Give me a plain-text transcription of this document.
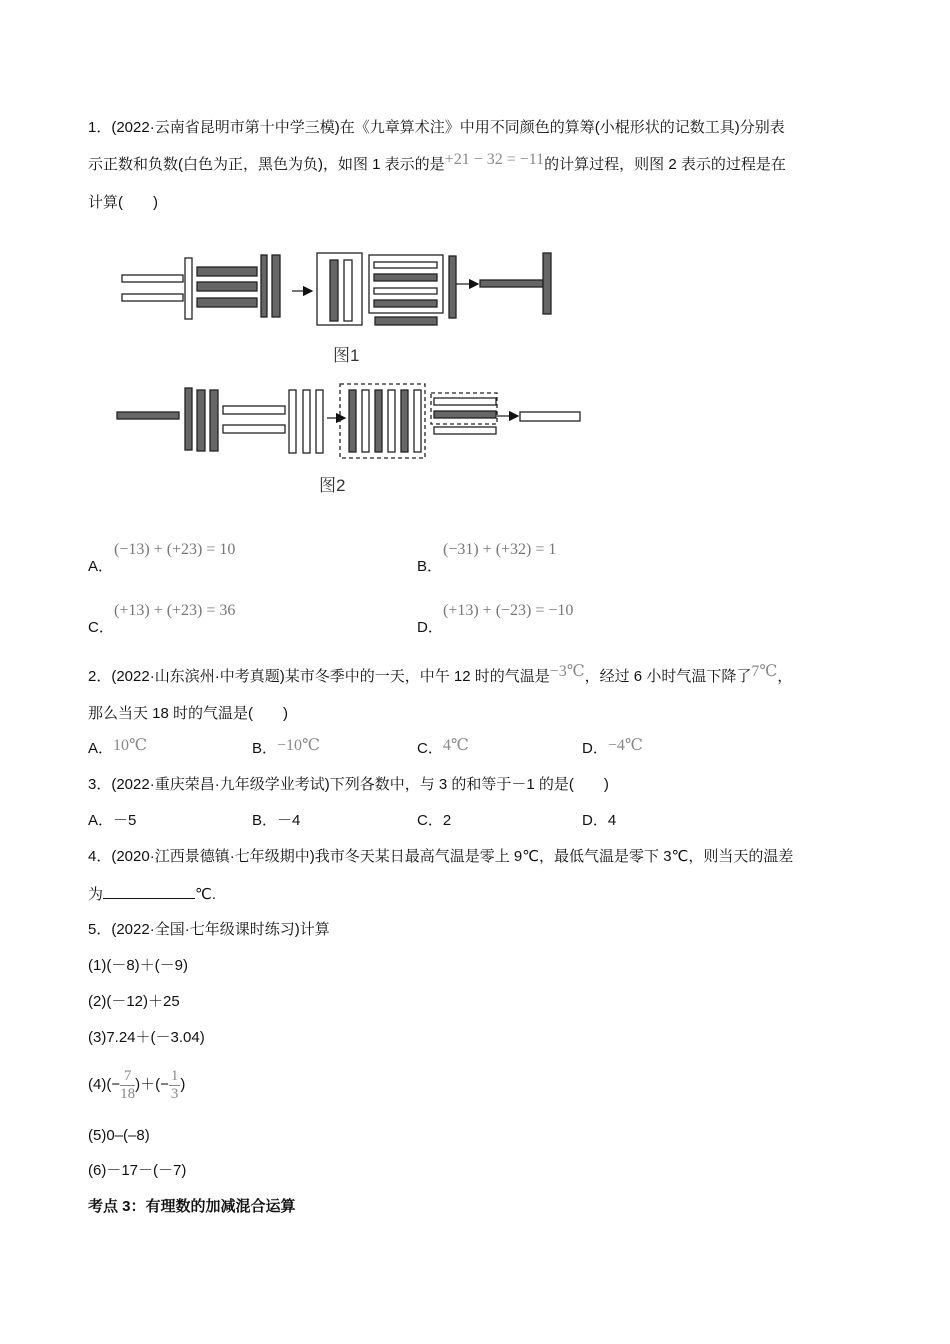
1．(2022·云南省昆明市第十中学三模)在《九章算术注》中用不同颜色的算筹(小棍形状的记数工具)分别表
示正数和负数(白色为正，黑色为负)，如图 1 表示的是+21 − 32 = −11的计算过程，则图 2 表示的过程是在
计算(　　)
图1
图2
A．
(−13) + (+23) = 10
B．
(−31) + (+32) = 1
C．
(+13) + (+23) = 36
D．
(+13) + (−23) = −10
2．(2022·山东滨州·中考真题)某市冬季中的一天，中午 12 时的气温是−3℃，经过 6 小时气温下降了7℃，
那么当天 18 时的气温是(　　)
A．10℃	B．−10℃	C．4℃	D．−4℃
3．(2022·重庆荣昌·九年级学业考试)下列各数中，与 3 的和等于－1 的是(　　)
A．－5	B．－4	C．2	D．4
4．(2020·江西景德镇·七年级期中)我市冬天某日最高气温是零上 9℃，最低气温是零下 3℃，则当天的温差
为	℃.
5．(2022·全国·七年级课时练习)计算
(1)(－8)＋(－9)
(2)(－12)＋25
(3)7.24＋(－3.04)
$(4)(- \frac{7}{18}$ )＋(− $\frac{1}{3}$ )
(5)0–(–8)
(6)－17－(－7)
考点 3：有理数的加减混合运算
